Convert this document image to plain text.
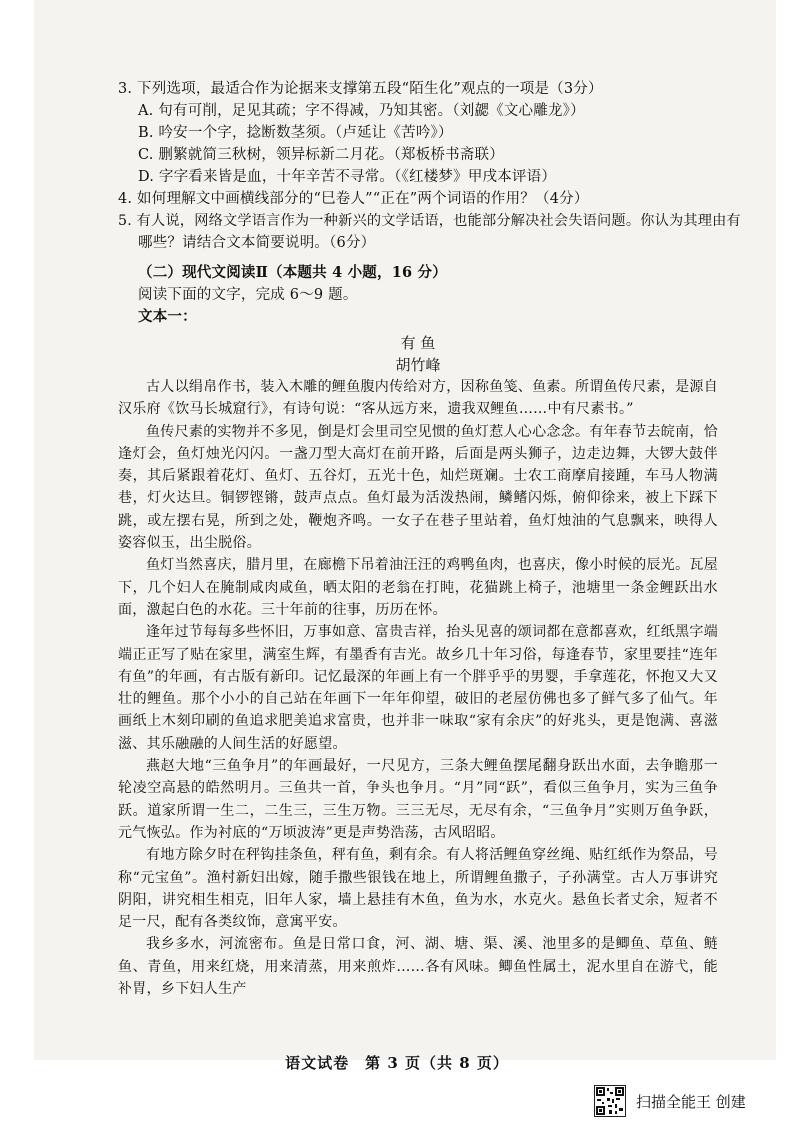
3. 下列选项，最适合作为论据来支撑第五段“陌生化”观点的一项是（3分）
A. 句有可削，足见其疏；字不得减，乃知其密。（刘勰《文心雕龙》）
B. 吟安一个字，捻断数茎须。（卢延让《苦吟》）
C. 删繁就简三秋树，领异标新二月花。（郑板桥书斋联）
D. 字字看来皆是血，十年辛苦不寻常。（《红楼梦》甲戌本评语）
4. 如何理解文中画横线部分的“巳卷人”“正在”两个词语的作用？（4分）
5. 有人说，网络文学语言作为一种新兴的文学话语，也能部分解决社会失语问题。你认为其理由有
哪些？请结合文本简要说明。（6分）
（二）现代文阅读Ⅱ（本题共 4 小题，16 分）
阅读下面的文字，完成 6～9 题。
文本一：
有 鱼
胡竹峰

古人以绢帛作书，装入木雕的鲤鱼腹内传给对方，因称鱼笺、鱼素。所谓鱼传尺素，是源自汉乐府《饮马长城窟行》，有诗句说：“客从远方来，遗我双鲤鱼……中有尺素书。”

鱼传尺素的实物并不多见，倒是灯会里司空见惯的鱼灯惹人心心念念。有年春节去皖南，恰逢灯会，鱼灯烛光闪闪。一盏刀型大高灯在前开路，后面是两头狮子，边走边舞，大锣大鼓伴奏，其后紧跟着花灯、鱼灯、五谷灯，五光十色，灿烂斑斓。士农工商摩肩接踵，车马人物满巷，灯火达旦。铜锣铿锵，鼓声点点。鱼灯最为活泼热闹，鳞鳍闪烁，俯仰徐来，被上下踩下跳，或左摆右晃，所到之处，鞭炮齐鸣。一女子在巷子里站着，鱼灯烛油的气息飘来，映得人姿容似玉，出尘脱俗。

鱼灯当然喜庆，腊月里，在廊檐下吊着油汪汪的鸡鸭鱼肉，也喜庆，像小时候的辰光。瓦屋下，几个妇人在腌制咸肉咸鱼，晒太阳的老翁在打盹，花猫跳上椅子，池塘里一条金鲤跃出水面，激起白色的水花。三十年前的往事，历历在怀。

逢年过节每每多些怀旧，万事如意、富贵吉祥，抬头见喜的颂词都在意都喜欢，红纸黑字端端正正写了贴在家里，满室生辉，有墨香有吉光。故乡几十年习俗，每逢春节，家里要挂“连年有鱼”的年画，有古版有新印。记忆最深的年画上有一个胖乎乎的男婴，手拿莲花，怀抱又大又壮的鲤鱼。那个小小的自己站在年画下一年年仰望，破旧的老屋仿佛也多了鲜气多了仙气。年画纸上木刻印刷的鱼追求肥美追求富贵，也并非一味取“家有余庆”的好兆头，更是饱满、喜滋滋、其乐融融的人间生活的好愿望。

燕赵大地“三鱼争月”的年画最好，一尺见方，三条大鲤鱼摆尾翻身跃出水面，去争瞻那一轮凌空高悬的皓然明月。三鱼共一首，争头也争月。“月”同“跃”，看似三鱼争月，实为三鱼争跃。道家所谓一生二，二生三，三生万物。三三无尽，无尽有余，“三鱼争月”实则万鱼争跃，元气恢弘。作为衬底的“万顷波涛”更是声势浩荡，古风昭昭。

有地方除夕时在秤钩挂条鱼，秤有鱼，剩有余。有人将活鲤鱼穿丝绳、贴红纸作为祭品，号称“元宝鱼”。渔村新妇出嫁，随手撒些银钱在地上，所谓鲤鱼撒子，子孙满堂。古人万事讲究阴阳，讲究相生相克，旧年人家，墙上悬挂有木鱼，鱼为水，水克火。悬鱼长者丈余，短者不足一尺，配有各类纹饰，意寓平安。

我乡多水，河流密布。鱼是日常口食，河、湖、塘、渠、溪、池里多的是鲫鱼、草鱼、鲢鱼、青鱼，用来红烧，用来清蒸，用来煎炸……各有风味。鲫鱼性属土，泥水里自在游弋，能补胃，乡下妇人生产

语文试卷　第 3 页（共 8 页）
扫描全能王 创建
